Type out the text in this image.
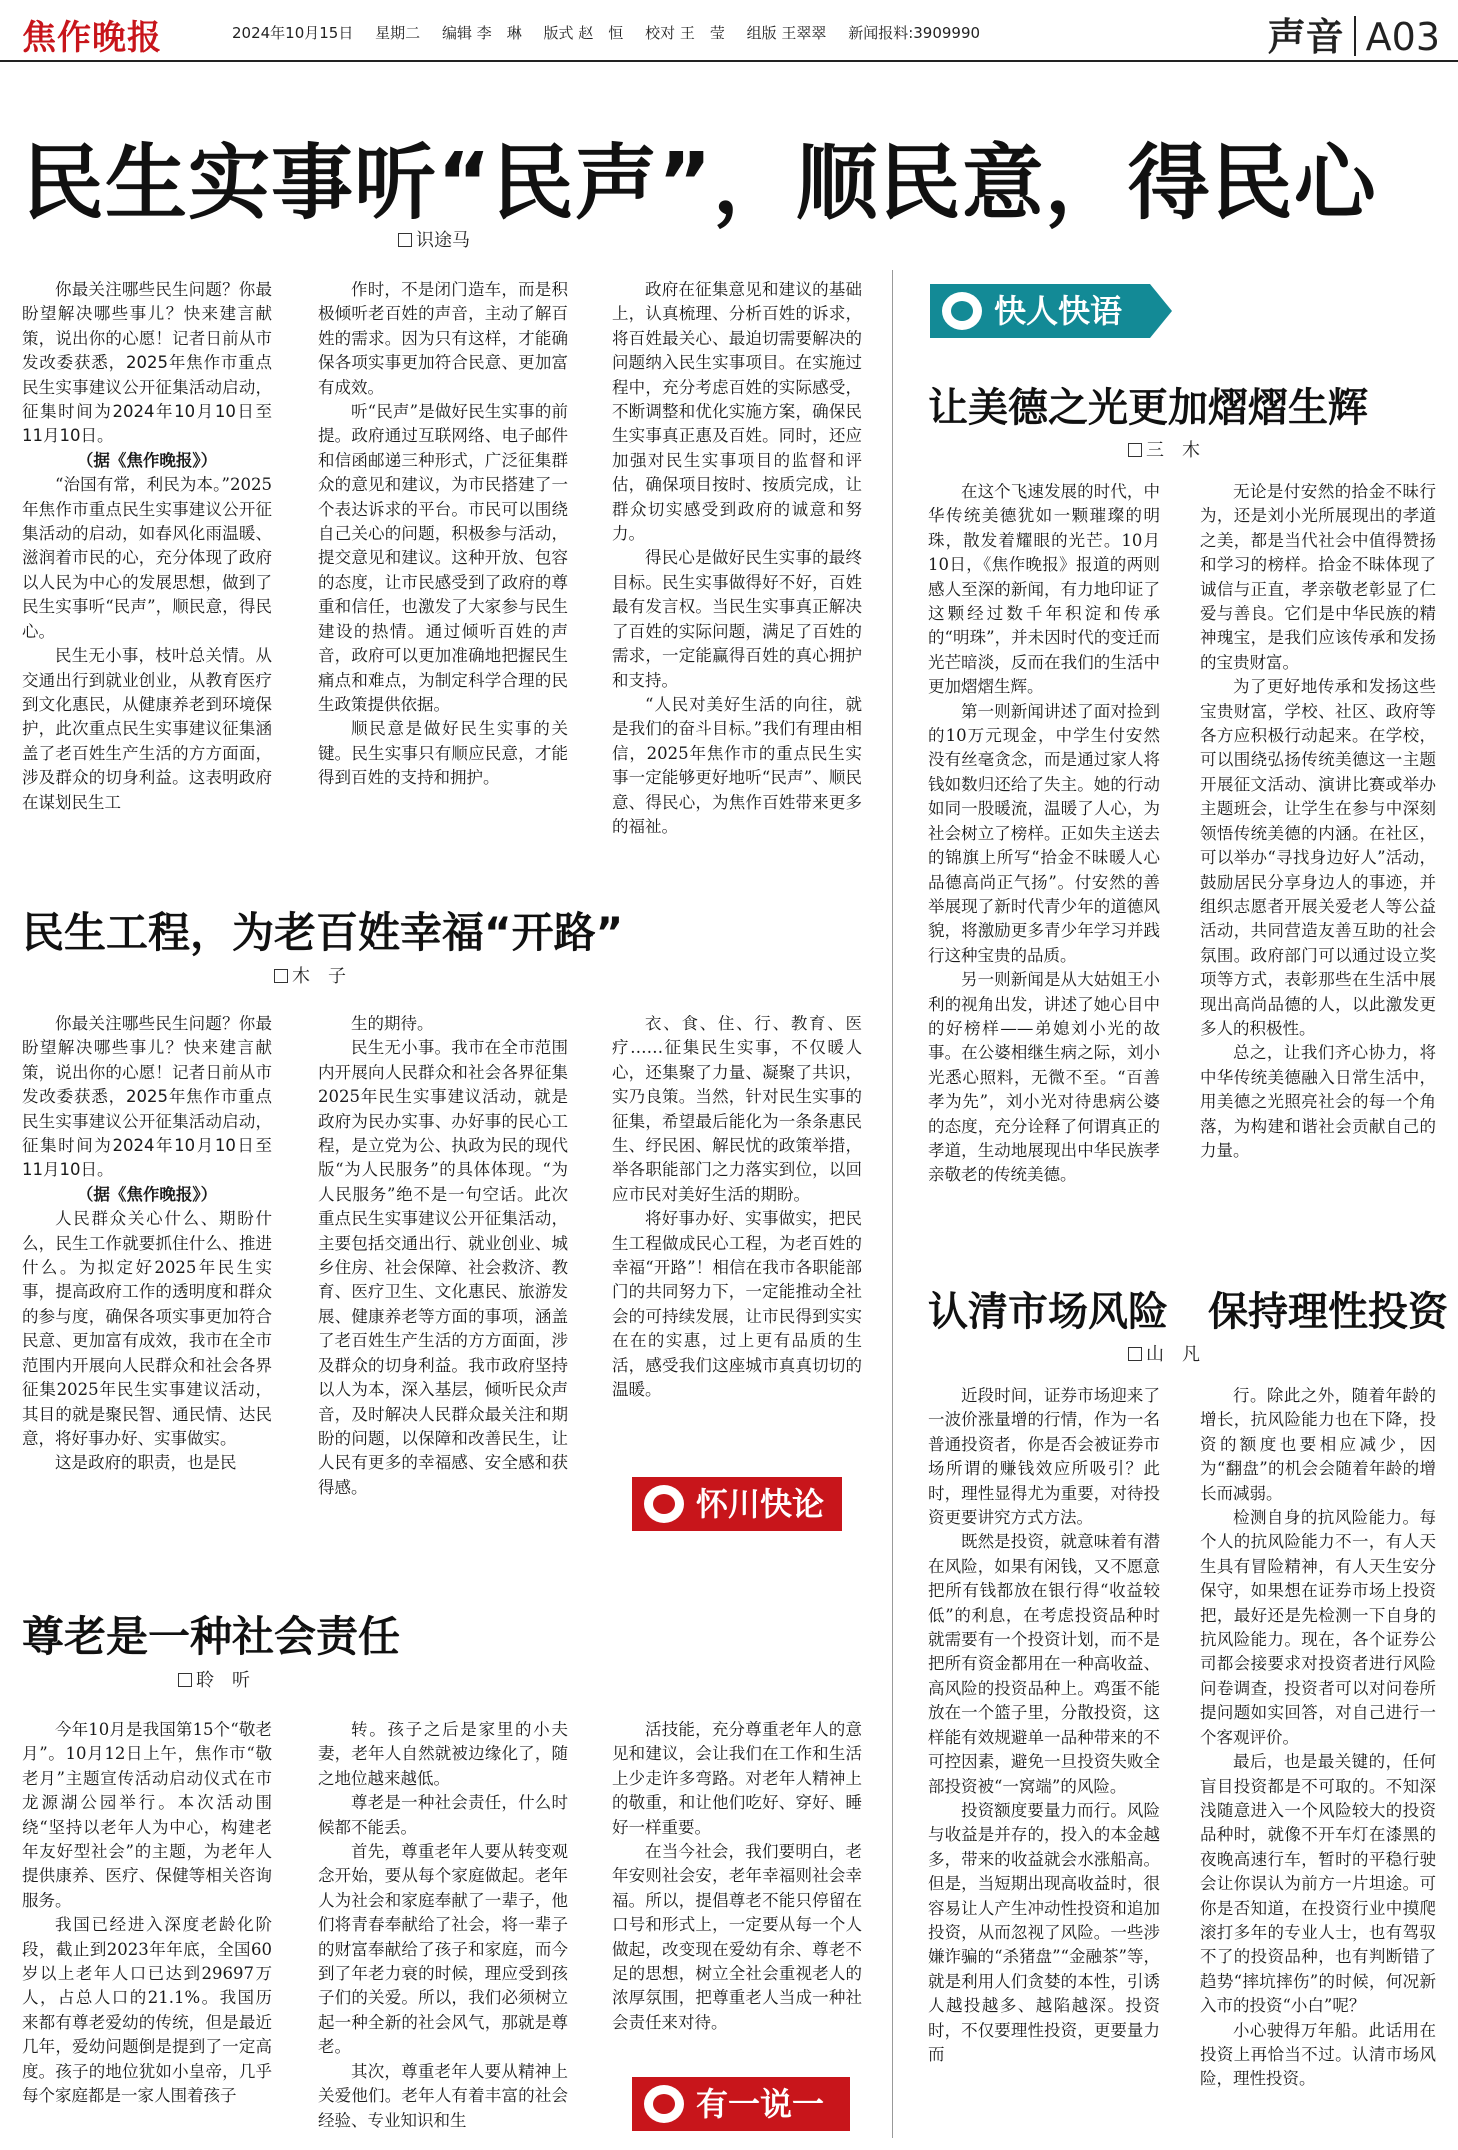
焦作晚报	2024年10月15日 星期二 编辑 李　琳 版式 赵　恒 校对 王　莹 组版 王翠翠 新闻报料:3909990	声音 A03
民生实事听“民声”，顺民意，得民心
识途马

你最关注哪些民生问题？你最盼望解决哪些事儿？快来建言献策，说出你的心愿！记者日前从市发改委获悉，2025年焦作市重点民生实事建议公开征集活动启动，征集时间为2024年10月10日至11月10日。

（据《焦作晚报》）

“治国有常，利民为本。”2025年焦作市重点民生实事建议公开征集活动的启动，如春风化雨温暖、滋润着市民的心，充分体现了政府以人民为中心的发展思想，做到了民生实事听“民声”，顺民意，得民心。

民生无小事，枝叶总关情。从交通出行到就业创业，从教育医疗到文化惠民，从健康养老到环境保护，此次重点民生实事建议征集涵盖了老百姓生产生活的方方面面，涉及群众的切身利益。这表明政府在谋划民生工

作时，不是闭门造车，而是积极倾听老百姓的声音，主动了解百姓的需求。因为只有这样，才能确保各项实事更加符合民意、更加富有成效。

听“民声”是做好民生实事的前提。政府通过互联网络、电子邮件和信函邮递三种形式，广泛征集群众的意见和建议，为市民搭建了一个表达诉求的平台。市民可以围绕自己关心的问题，积极参与活动，提交意见和建议。这种开放、包容的态度，让市民感受到了政府的尊重和信任，也激发了大家参与民生建设的热情。通过倾听百姓的声音，政府可以更加准确地把握民生痛点和难点，为制定科学合理的民生政策提供依据。

顺民意是做好民生实事的关键。民生实事只有顺应民意，才能得到百姓的支持和拥护。

政府在征集意见和建议的基础上，认真梳理、分析百姓的诉求，将百姓最关心、最迫切需要解决的问题纳入民生实事项目。在实施过程中，充分考虑百姓的实际感受，不断调整和优化实施方案，确保民生实事真正惠及百姓。同时，还应加强对民生实事项目的监督和评估，确保项目按时、按质完成，让群众切实感受到政府的诚意和努力。

得民心是做好民生实事的最终目标。民生实事做得好不好，百姓最有发言权。当民生实事真正解决了百姓的实际问题，满足了百姓的需求，一定能赢得百姓的真心拥护和支持。

“人民对美好生活的向往，就是我们的奋斗目标。”我们有理由相信，2025年焦作市的重点民生实事一定能够更好地听“民声”、顺民意、得民心，为焦作百姓带来更多的福祉。

民生工程，为老百姓幸福“开路”
木　子

你最关注哪些民生问题？你最盼望解决哪些事儿？快来建言献策，说出你的心愿！记者日前从市发改委获悉，2025年焦作市重点民生实事建议公开征集活动启动，征集时间为2024年10月10日至11月10日。

（据《焦作晚报》）

人民群众关心什么、期盼什么，民生工作就要抓住什么、推进什么。为拟定好2025年民生实事，提高政府工作的透明度和群众的参与度，确保各项实事更加符合民意、更加富有成效，我市在全市范围内开展向人民群众和社会各界征集2025年民生实事建议活动，其目的就是聚民智、通民情、达民意，将好事办好、实事做实。

这是政府的职责，也是民

生的期待。

民生无小事。我市在全市范围内开展向人民群众和社会各界征集2025年民生实事建议活动，就是政府为民办实事、办好事的民心工程，是立党为公、执政为民的现代版“为人民服务”的具体体现。“为人民服务”绝不是一句空话。此次重点民生实事建议公开征集活动，主要包括交通出行、就业创业、城乡住房、社会保障、社会救济、教育、医疗卫生、文化惠民、旅游发展、健康养老等方面的事项，涵盖了老百姓生产生活的方方面面，涉及群众的切身利益。我市政府坚持以人为本，深入基层，倾听民众声音，及时解决人民群众最关注和期盼的问题，以保障和改善民生，让人民有更多的幸福感、安全感和获得感。

衣、食、住、行、教育、医疗……征集民生实事，不仅暖人心，还集聚了力量、凝聚了共识，实乃良策。当然，针对民生实事的征集，希望最后能化为一条条惠民生、纾民困、解民忧的政策举措，举各职能部门之力落实到位，以回应市民对美好生活的期盼。

将好事办好、实事做实，把民生工程做成民心工程，为老百姓的幸福“开路”！相信在我市各职能部门的共同努力下，一定能推动全社会的可持续发展，让市民得到实实在在的实惠，过上更有品质的生活，感受我们这座城市真真切切的温暖。

怀川快论
尊老是一种社会责任
聆　听

今年10月是我国第15个“敬老月”。10月12日上午，焦作市“敬老月”主题宣传活动启动仪式在市龙源湖公园举行。本次活动围绕“坚持以老年人为中心，构建老年友好型社会”的主题，为老年人提供康养、医疗、保健等相关咨询服务。

我国已经进入深度老龄化阶段，截止到2023年年底，全国60岁以上老年人口已达到29697万人，占总人口的21.1%。我国历来都有尊老爱幼的传统，但是最近几年，爱幼问题倒是提到了一定高度。孩子的地位犹如小皇帝，几乎每个家庭都是一家人围着孩子

转。孩子之后是家里的小夫妻，老年人自然就被边缘化了，随之地位越来越低。

尊老是一种社会责任，什么时候都不能丢。

首先，尊重老年人要从转变观念开始，要从每个家庭做起。老年人为社会和家庭奉献了一辈子，他们将青春奉献给了社会，将一辈子的财富奉献给了孩子和家庭，而今到了年老力衰的时候，理应受到孩子们的关爱。所以，我们必须树立起一种全新的社会风气，那就是尊老。

其次，尊重老年人要从精神上关爱他们。老年人有着丰富的社会经验、专业知识和生

活技能，充分尊重老年人的意见和建议，会让我们在工作和生活上少走许多弯路。对老年人精神上的敬重，和让他们吃好、穿好、睡好一样重要。

在当今社会，我们要明白，老年安则社会安，老年幸福则社会幸福。所以，提倡尊老不能只停留在口号和形式上，一定要从每一个人做起，改变现在爱幼有余、尊老不足的思想，树立全社会重视老人的浓厚氛围，把尊重老人当成一种社会责任来对待。

有一说一
快人快语
让美德之光更加熠熠生辉
三　木

在这个飞速发展的时代，中华传统美德犹如一颗璀璨的明珠，散发着耀眼的光芒。10月10日，《焦作晚报》报道的两则感人至深的新闻，有力地印证了这颗经过数千年积淀和传承的“明珠”，并未因时代的变迁而光芒暗淡，反而在我们的生活中更加熠熠生辉。

第一则新闻讲述了面对捡到的10万元现金，中学生付安然没有丝毫贪念，而是通过家人将钱如数归还给了失主。她的行动如同一股暖流，温暖了人心，为社会树立了榜样。正如失主送去的锦旗上所写“拾金不昧暖人心　品德高尚正气扬”。付安然的善举展现了新时代青少年的道德风貌，将激励更多青少年学习并践行这种宝贵的品质。

另一则新闻是从大姑姐王小利的视角出发，讲述了她心目中的好榜样——弟媳刘小光的故事。在公婆相继生病之际，刘小光悉心照料，无微不至。“百善孝为先”，刘小光对待患病公婆的态度，充分诠释了何谓真正的孝道，生动地展现出中华民族孝亲敬老的传统美德。

无论是付安然的拾金不昧行为，还是刘小光所展现出的孝道之美，都是当代社会中值得赞扬和学习的榜样。拾金不昧体现了诚信与正直，孝亲敬老彰显了仁爱与善良。它们是中华民族的精神瑰宝，是我们应该传承和发扬的宝贵财富。

为了更好地传承和发扬这些宝贵财富，学校、社区、政府等各方应积极行动起来。在学校，可以围绕弘扬传统美德这一主题开展征文活动、演讲比赛或举办主题班会，让学生在参与中深刻领悟传统美德的内涵。在社区，可以举办“寻找身边好人”活动，鼓励居民分享身边人的事迹，并组织志愿者开展关爱老人等公益活动，共同营造友善互助的社会氛围。政府部门可以通过设立奖项等方式，表彰那些在生活中展现出高尚品德的人，以此激发更多人的积极性。

总之，让我们齐心协力，将中华传统美德融入日常生活中，用美德之光照亮社会的每一个角落，为构建和谐社会贡献自己的力量。

认清市场风险　保持理性投资
山　凡

近段时间，证券市场迎来了一波价涨量增的行情，作为一名普通投资者，你是否会被证券市场所谓的赚钱效应所吸引？此时，理性显得尤为重要，对待投资更要讲究方式方法。

既然是投资，就意味着有潜在风险，如果有闲钱，又不愿意把所有钱都放在银行得“收益较低”的利息，在考虑投资品种时就需要有一个投资计划，而不是把所有资金都用在一种高收益、高风险的投资品种上。鸡蛋不能放在一个篮子里，分散投资，这样能有效规避单一品种带来的不可控因素，避免一旦投资失败全部投资被“一窝端”的风险。

投资额度要量力而行。风险与收益是并存的，投入的本金越多，带来的收益就会水涨船高。但是，当短期出现高收益时，很容易让人产生冲动性投资和追加投资，从而忽视了风险。一些涉嫌诈骗的“杀猪盘”“金融茶”等，就是利用人们贪婪的本性，引诱人越投越多、越陷越深。投资时，不仅要理性投资，更要量力而

行。除此之外，随着年龄的增长，抗风险能力也在下降，投资的额度也要相应减少，因为“翻盘”的机会会随着年龄的增长而减弱。

检测自身的抗风险能力。每个人的抗风险能力不一，有人天生具有冒险精神，有人天生安分保守，如果想在证券市场上投资把，最好还是先检测一下自身的抗风险能力。现在，各个证券公司都会接要求对投资者进行风险问卷调查，投资者可以对问卷所提问题如实回答，对自己进行一个客观评价。

最后，也是最关键的，任何盲目投资都是不可取的。不知深浅随意进入一个风险较大的投资品种时，就像不开车灯在漆黑的夜晚高速行车，暂时的平稳行驶会让你误认为前方一片坦途。可你是否知道，在投资行业中摸爬滚打多年的专业人士，也有驾驭不了的投资品种，也有判断错了趋势“摔坑摔伤”的时候，何况新入市的投资“小白”呢？

小心驶得万年船。此话用在投资上再恰当不过。认清市场风险，理性投资。
